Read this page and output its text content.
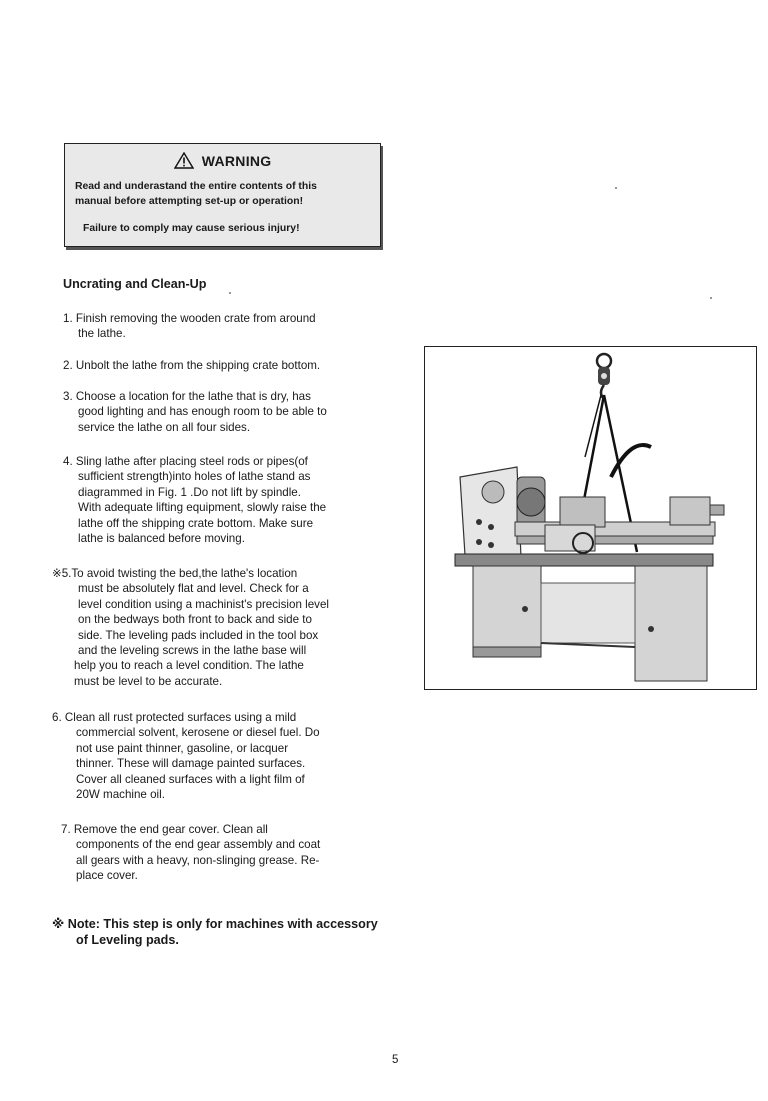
WARNING
Read and underastand the entire contents of this
manual before attempting set-up or operation!
Failure to comply may cause serious injury!
Uncrating and Clean-Up
1. Finish removing the wooden crate from around
the lathe.
2. Unbolt the lathe from the shipping crate bottom.
3. Choose a location for the lathe that is dry, has
good lighting and has enough room to be able to
service the lathe on all four sides.
4. Sling lathe after placing steel rods or pipes(of
sufficient strength)into holes of lathe stand as
diagrammed in Fig. 1 .Do not lift by spindle.
With adequate lifting equipment, slowly raise the
lathe off the shipping crate bottom. Make sure
lathe is balanced before moving.
※5.To avoid twisting the bed,the lathe's location
must be absolutely flat and level. Check for a
level condition using a machinist's precision level
on the bedways both front to back and side to
side. The leveling pads included in the tool box
and the leveling screws in the lathe base will
help you to reach a level condition. The lathe
must be level to be accurate.
6. Clean all rust protected surfaces using a mild
commercial solvent, kerosene or diesel fuel. Do
not use paint thinner, gasoline, or lacquer
thinner. These will damage painted surfaces.
Cover all cleaned surfaces with a light film of
20W machine oil.
7. Remove the end gear cover. Clean all
components of the end gear assembly and coat
all gears with a heavy, non-slinging grease. Re-
place cover.
※ Note: This step is only for machines with accessory
of Leveling pads.
5
